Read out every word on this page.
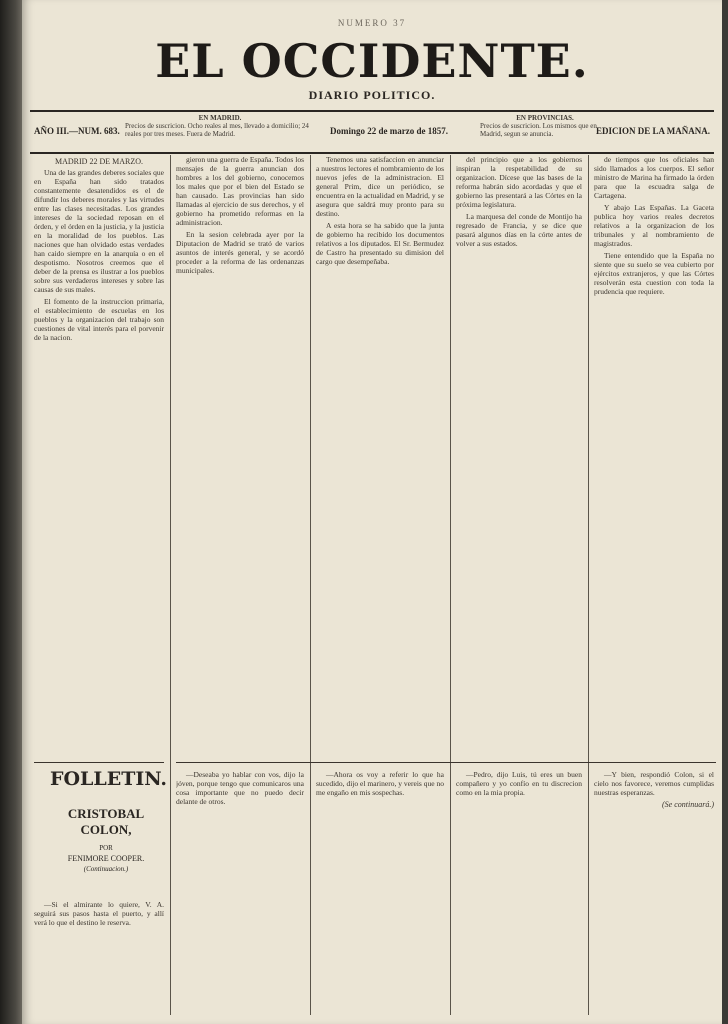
NUMERO 37
EL OCCIDENTE.
DIARIO POLITICO.
AÑO III.—NUM. 683.
EN MADRID.
Precios de suscricion. Ocho reales al mes, llevado a domicilio; 24 reales por tres meses. Fuera de Madrid.	Domingo 22 de marzo de 1857.
EN PROVINCIAS.
Precios de suscricion. Los mismos que en Madrid, segun se anuncia.	EDICION DE LA MAÑANA.
MADRID 22 DE MARZO.

Una de las grandes deberes sociales que en España han sido tratados constantemente desatendidos es el de difundir los deberes morales y las virtudes entre las clases necesitadas. Los grandes intereses de la sociedad reposan en el órden, y el órden en la justicia, y la justicia en la moralidad de los pueblos. Las naciones que han olvidado estas verdades han caido siempre en la anarquía o en el despotismo. Nosotros creemos que el deber de la prensa es ilustrar a los pueblos sobre sus verdaderos intereses y sobre las causas de sus males.

El fomento de la instruccion primaria, el establecimiento de escuelas en los pueblos y la organizacion del trabajo son cuestiones de vital interés para el porvenir de la nacion.

FOLLETIN.
CRISTOBAL COLON,
POR
FENIMORE COOPER.
(Continuacion.)

—Si el almirante lo quiere, V. A. seguirá sus pasos hasta el puerto, y allí verá lo que el destino le reserva.

gieron una guerra de España. Todos los mensajes de la guerra anuncian dos hombres a los del gobierno, conocemos los males que por el bien del Estado se han causado. Las provincias han sido llamadas al ejercicio de sus derechos, y el gobierno ha prometido reformas en la administracion.

En la sesion celebrada ayer por la Diputacion de Madrid se trató de varios asuntos de interés general, y se acordó proceder a la reforma de las ordenanzas municipales.

Tenemos una satisfaccion en anunciar a nuestros lectores el nombramiento de los nuevos jefes de la administracion. El general Prim, dice un periódico, se encuentra en la actualidad en Madrid, y se asegura que saldrá muy pronto para su destino.

A esta hora se ha sabido que la junta de gobierno ha recibido los documentos relativos a los diputados. El Sr. Bermudez de Castro ha presentado su dimision del cargo que desempeñaba.

del principio que a los gobiernos inspiran la respetabilidad de su organizacion. Dícese que las bases de la reforma habrán sido acordadas y que el gobierno las presentará a las Córtes en la próxima legislatura.

La marquesa del conde de Montijo ha regresado de Francia, y se dice que pasará algunos días en la córte antes de volver a sus estados.

de tiempos que los oficiales han sido llamados a los cuerpos. El señor ministro de Marina ha firmado la órden para que la escuadra salga de Cartagena.

Y abajo Las Españas. La Gaceta publica hoy varios reales decretos relativos a la organizacion de los tribunales y al nombramiento de magistrados.

Tiene entendido que la España no siente que su suelo se vea cubierto por ejércitos extranjeros, y que las Córtes resolverán esta cuestion con toda la prudencia que requiere.

—Deseaba yo hablar con vos, dijo la jóven, porque tengo que comunicaros una cosa importante que no puedo decir delante de otros.

—Ahora os voy a referir lo que ha sucedido, dijo el marinero, y vereis que no me engaño en mis sospechas.

—Pedro, dijo Luis, tú eres un buen compañero y yo confío en tu discrecion como en la mia propia.

—Y bien, respondió Colon, si el cielo nos favorece, veremos cumplidas nuestras esperanzas.

(Se continuará.)
